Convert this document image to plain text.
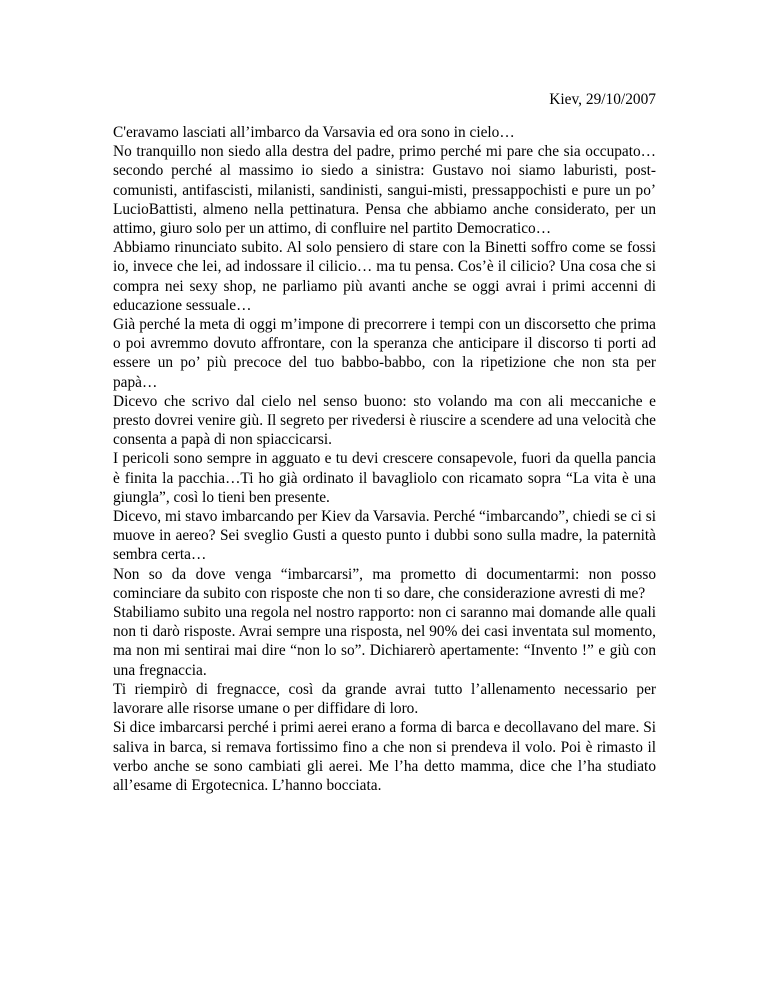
Kiev, 29/10/2007

C'eravamo lasciati all’imbarco da Varsavia ed ora sono in cielo…

No tranquillo non siedo alla destra del padre, primo perché mi pare che sia occupato… secondo perché al massimo io siedo a sinistra: Gustavo noi siamo laburisti, post-comunisti, antifascisti, milanisti, sandinisti, sangui-misti, pressappochisti e pure un po’ LucioBattisti, almeno nella pettinatura. Pensa che abbiamo anche considerato, per un attimo, giuro solo per un attimo, di confluire nel partito Democratico…

Abbiamo rinunciato subito. Al solo pensiero di stare con la Binetti soffro come se fossi io, invece che lei, ad indossare il cilicio… ma tu pensa. Cos’è il cilicio? Una cosa che si compra nei sexy shop, ne parliamo più avanti anche se oggi avrai i primi accenni di educazione sessuale…

Già perché la meta di oggi m’impone di precorrere i tempi con un discorsetto che prima o poi avremmo dovuto affrontare, con la speranza che anticipare il discorso ti porti ad essere un po’ più precoce del tuo babbo-babbo, con la ripetizione che non sta per papà…

Dicevo che scrivo dal cielo nel senso buono: sto volando ma con ali meccaniche e presto dovrei venire giù. Il segreto per rivedersi è riuscire a scendere ad una velocità che consenta a papà di non spiaccicarsi.

I pericoli sono sempre in agguato e tu devi crescere consapevole, fuori da quella pancia è finita la pacchia…Ti ho già ordinato il bavagliolo con ricamato sopra “La vita è una giungla”, così lo tieni ben presente.

Dicevo, mi stavo imbarcando per Kiev da Varsavia. Perché “imbarcando”, chiedi se ci si muove in aereo? Sei sveglio Gusti a questo punto i dubbi sono sulla madre, la paternità sembra certa…

Non so da dove venga “imbarcarsi”, ma prometto di documentarmi: non posso cominciare da subito con risposte che non ti so dare, che considerazione avresti di me?

Stabiliamo subito una regola nel nostro rapporto: non ci saranno mai domande alle quali non ti darò risposte. Avrai sempre una risposta, nel 90% dei casi inventata sul momento, ma non mi sentirai mai dire “non lo so”. Dichiarerò apertamente: “Invento !” e giù con una fregnaccia.

Ti riempirò di fregnacce, così da grande avrai tutto l’allenamento necessario per lavorare alle risorse umane o per diffidare di loro.

Si dice imbarcarsi perché i primi aerei erano a forma di barca e decollavano del mare. Si saliva in barca, si remava fortissimo fino a che non si prendeva il volo. Poi è rimasto il verbo anche se sono cambiati gli aerei. Me l’ha detto mamma, dice che l’ha studiato all’esame di Ergotecnica. L’hanno bocciata.
